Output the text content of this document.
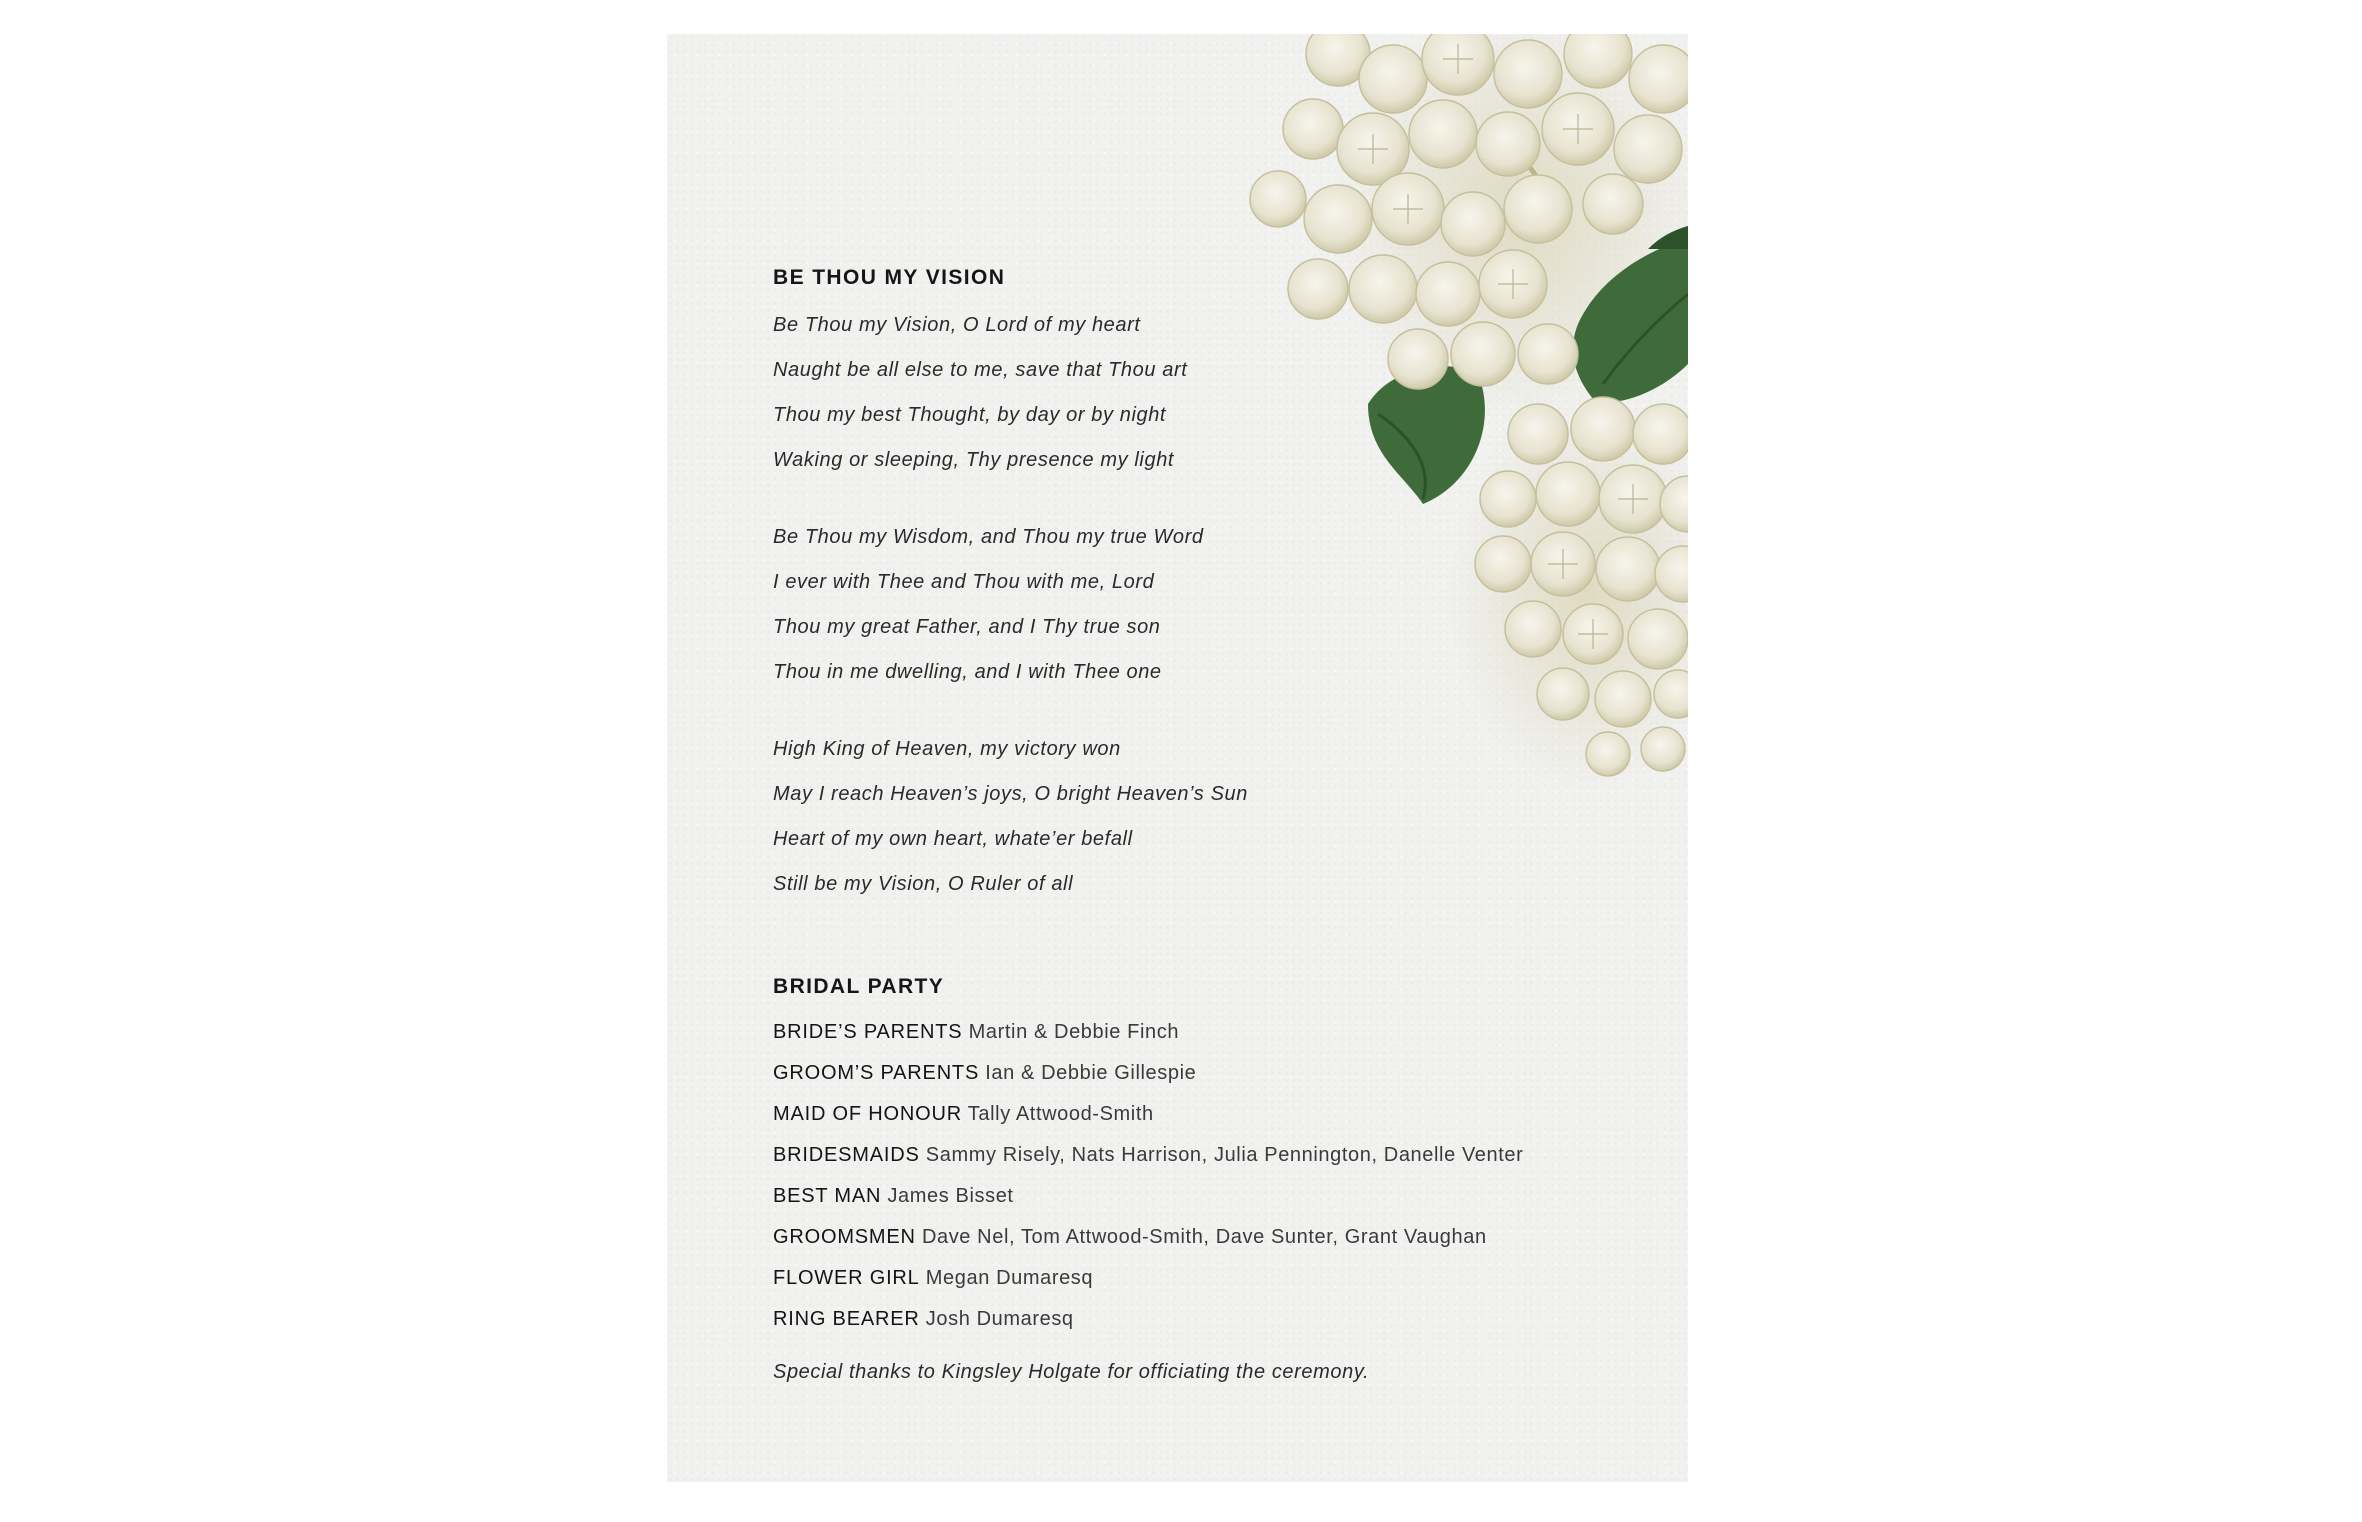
BE THOU MY VISION
Be Thou my Vision, O Lord of my heart
Naught be all else to me, save that Thou art
Thou my best Thought, by day or by night
Waking or sleeping, Thy presence my light
Be Thou my Wisdom, and Thou my true Word
I ever with Thee and Thou with me, Lord
Thou my great Father, and I Thy true son
Thou in me dwelling, and I with Thee one
High King of Heaven, my victory won
May I reach Heaven’s joys, O bright Heaven’s Sun
Heart of my own heart, whate’er befall
Still be my Vision, O Ruler of all
BRIDAL PARTY
BRIDE’S PARENTS Martin & Debbie Finch
GROOM’S PARENTS Ian & Debbie Gillespie
MAID OF HONOUR Tally Attwood-Smith
BRIDESMAIDS Sammy Risely, Nats Harrison, Julia Pennington, Danelle Venter
BEST MAN James Bisset
GROOMSMEN Dave Nel, Tom Attwood-Smith, Dave Sunter, Grant Vaughan
FLOWER GIRL Megan Dumaresq
RING BEARER Josh Dumaresq
Special thanks to Kingsley Holgate for officiating the ceremony.
